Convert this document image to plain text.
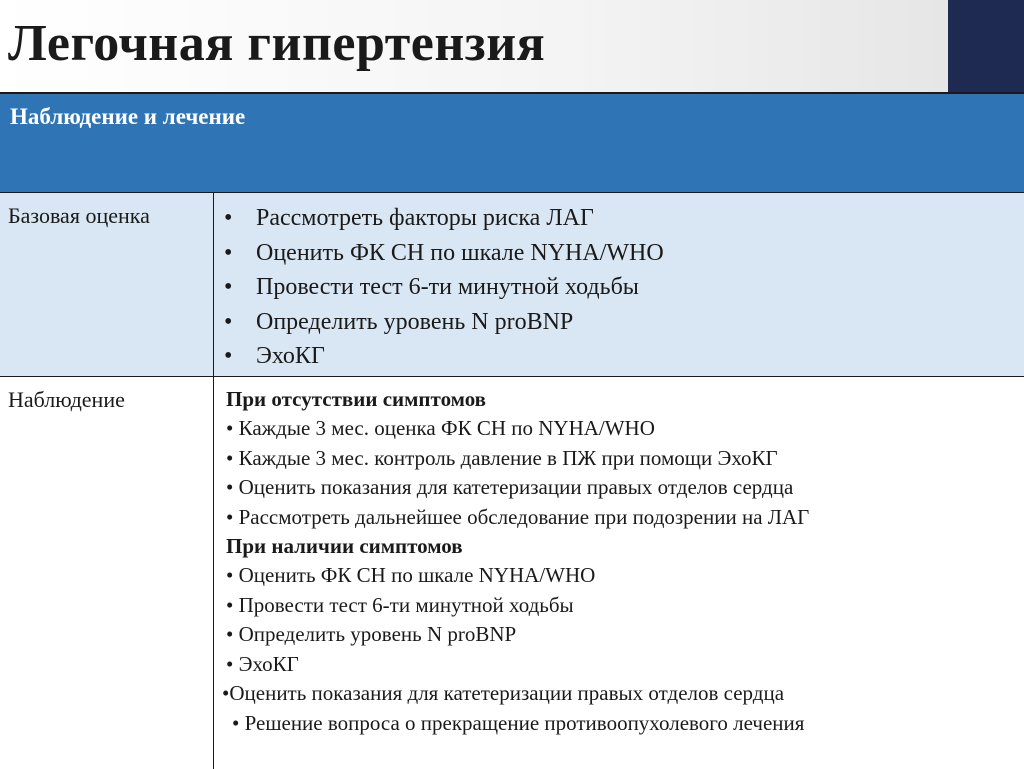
Легочная гипертензия
Наблюдение и лечение
Базовая оценка	• Рассмотреть факторы риска ЛАГ
• Оценить ФК СН по шкале NYHA/WHO
• Провести тест 6-ти минутной ходьбы
• Определить уровень N proBNP
• ЭхоКГ
Наблюдение	При отсутствии симптомов
• Каждые 3 мес. оценка ФК СН по NYHA/WHO
• Каждые 3 мес. контроль давление в ПЖ при помощи ЭхоКГ
• Оценить показания для катетеризации правых отделов сердца
• Рассмотреть дальнейшее обследование при подозрении на ЛАГ
При наличии симптомов
• Оценить ФК СН по шкале NYHA/WHO
• Провести тест 6-ти минутной ходьбы
• Определить уровень N proBNP
• ЭхоКГ
•Оценить показания для катетеризации правых отделов сердца
• Решение вопроса о прекращение противоопухолевого лечения
